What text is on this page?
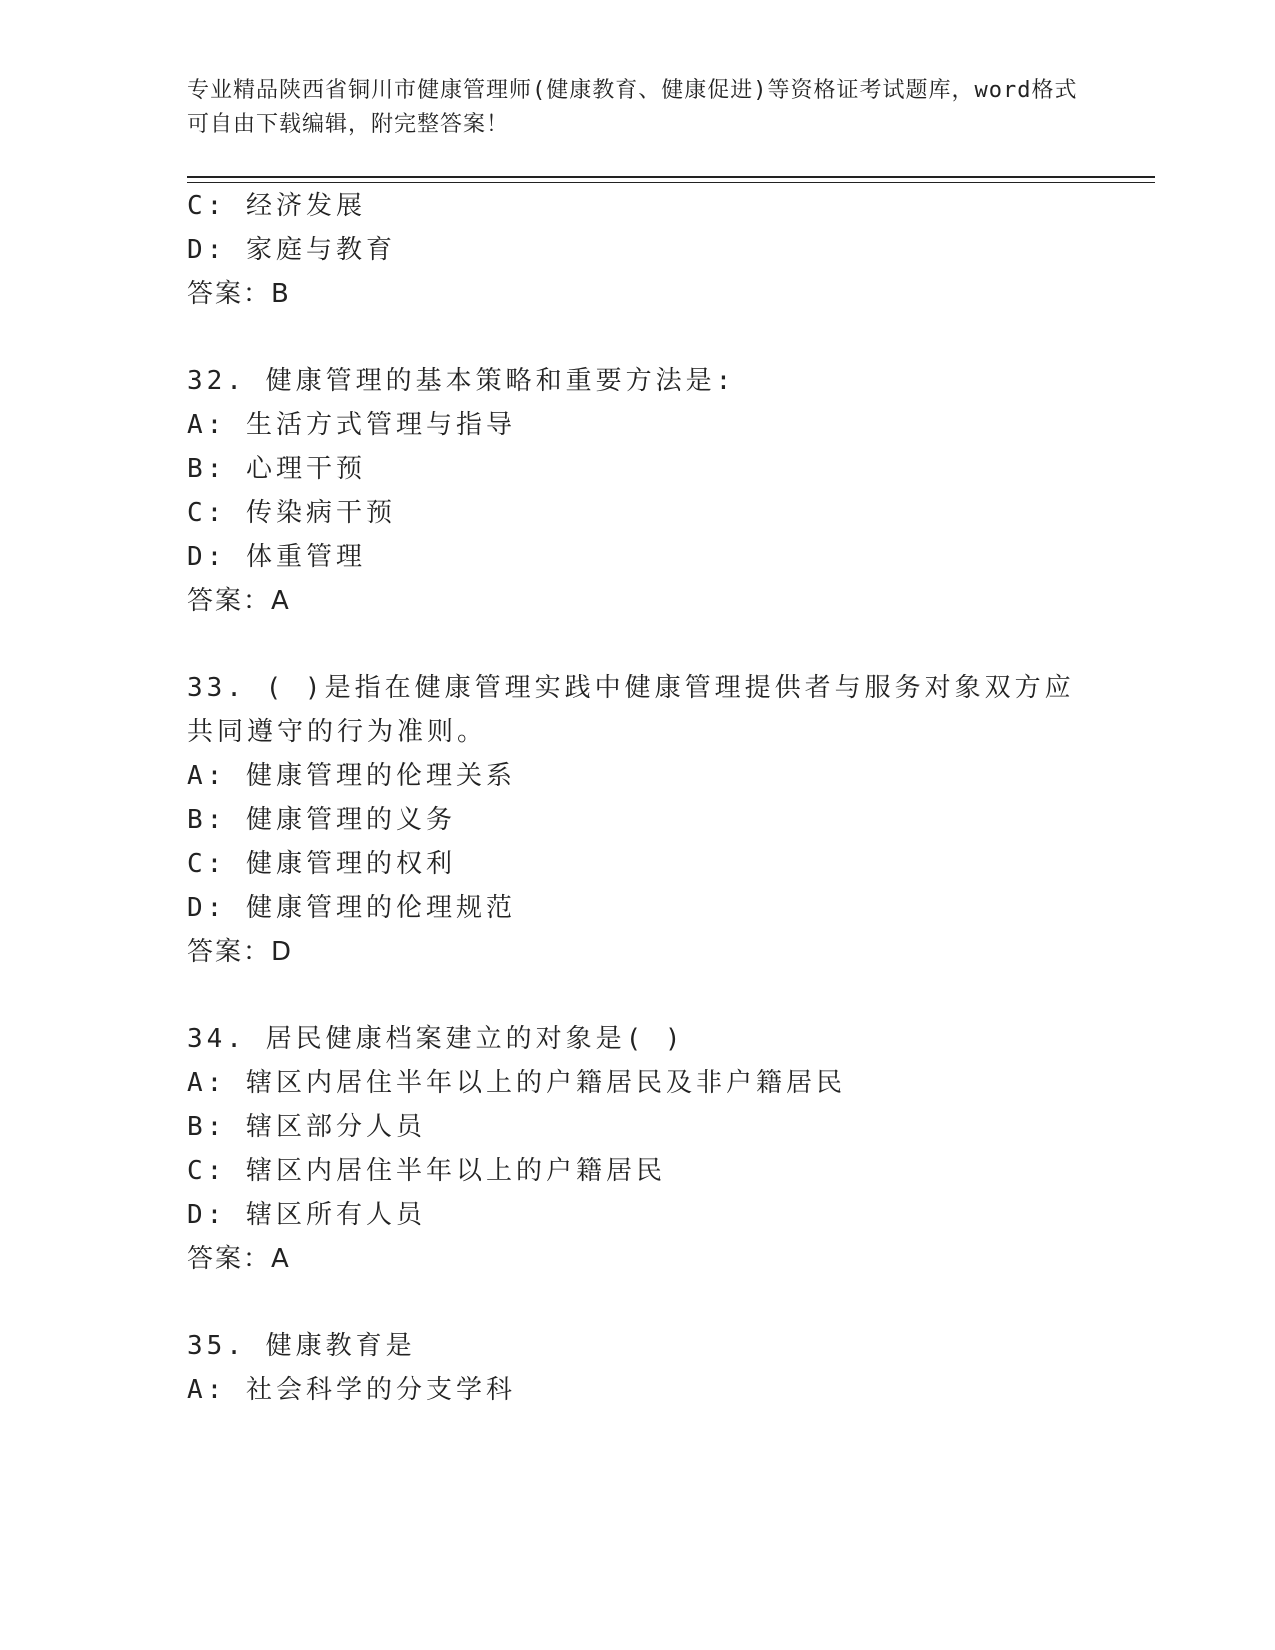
专业精品陕西省铜川市健康管理师(健康教育、健康促进)等资格证考试题库，word格式可自由下载编辑，附完整答案！
C: 经济发展
D: 家庭与教育
答案：B
32. 健康管理的基本策略和重要方法是:
A: 生活方式管理与指导
B: 心理干预
C: 传染病干预
D: 体重管理
答案：A
33. ( )是指在健康管理实践中健康管理提供者与服务对象双方应
共同遵守的行为准则。
A: 健康管理的伦理关系
B: 健康管理的义务
C: 健康管理的权利
D: 健康管理的伦理规范
答案：D
34. 居民健康档案建立的对象是( )
A: 辖区内居住半年以上的户籍居民及非户籍居民
B: 辖区部分人员
C: 辖区内居住半年以上的户籍居民
D: 辖区所有人员
答案：A
35. 健康教育是
A: 社会科学的分支学科
